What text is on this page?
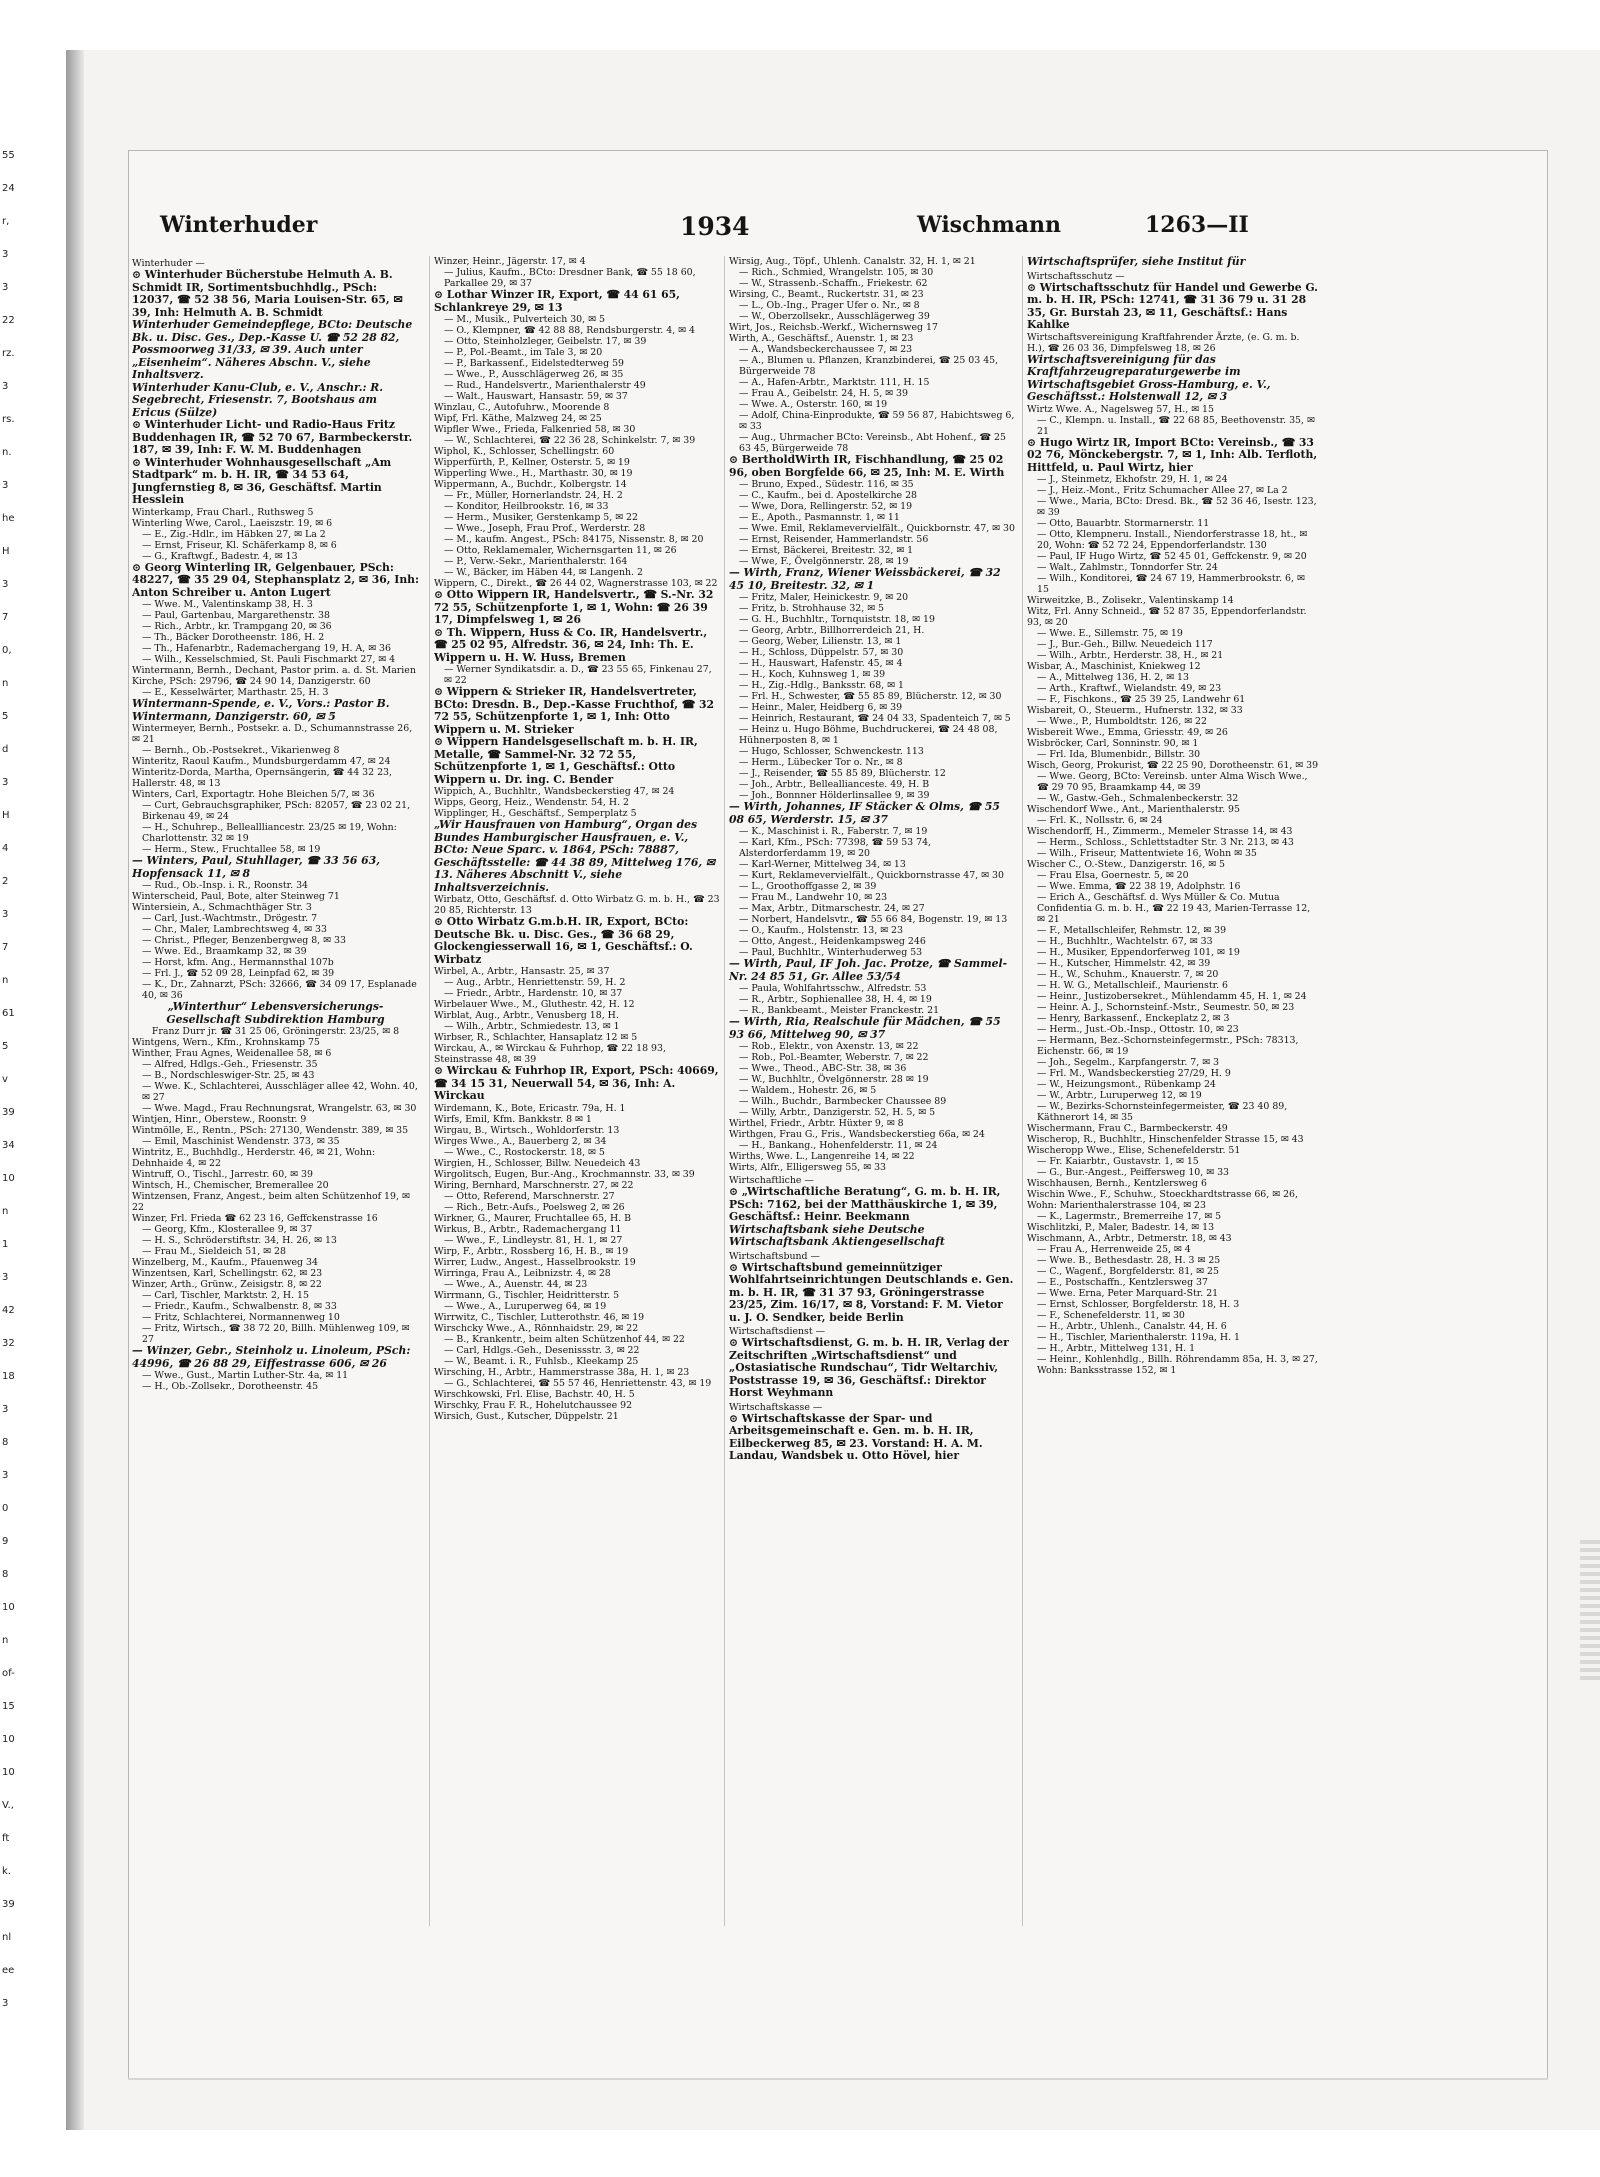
55
24
r,
3
3
22
rz.
3
rs.
n.
3
he
H
3
7
0,
n
5
d
3
H
4
2
3
7
n
61
5
v
39
34
10
n
1
3
42
32
18
3
8
3
0
9
8
10
n
of-
15
10
10
V.,
ft
k.
39
nl
ee
3
Winterhuder	1934	Wischmann	1263—II

Winterhuder —

⊙ Winterhuder Bücherstube Helmuth A. B. Schmidt IR, Sortimentsbuchhdlg., PSch: 12037, ☎ 52 38 56, Maria Louisen-Str. 65, ✉ 39, Inh: Helmuth A. B. Schmidt

Winterhuder Gemeindepflege, BCto: Deutsche Bk. u. Disc. Ges., Dep.-Kasse U. ☎ 52 28 82, Possmoorweg 31/33, ✉ 39. Auch unter „Eisenheim“. Näheres Abschn. V., siehe Inhaltsverz.

Winterhuder Kanu-Club, e. V., Anschr.: R. Segebrecht, Friesenstr. 7, Bootshaus am Ericus (Sülze)

⊙ Winterhuder Licht- und Radio-Haus Fritz Buddenhagen IR, ☎ 52 70 67, Barmbeckerstr. 187, ✉ 39, Inh: F. W. M. Buddenhagen

⊙ Winterhuder Wohnhausgesellschaft „Am Stadtpark“ m. b. H. IR, ☎ 34 53 64, Jungfernstieg 8, ✉ 36, Geschäftsf. Martin Hesslein

Winterkamp, Frau Charl., Ruthsweg 5

Winterling Wwe, Carol., Laeiszstr. 19, ✉ 6

— E., Zig.-Hdlr., im Häbken 27, ✉ La 2

— Ernst, Friseur, Kl. Schäferkamp 8, ✉ 6

— G., Kraftwgf., Badestr. 4, ✉ 13

⊙ Georg Winterling IR, Gelgenbauer, PSch: 48227, ☎ 35 29 04, Stephansplatz 2, ✉ 36, Inh: Anton Schreiber u. Anton Lugert

— Wwe. M., Valentinskamp 38, H. 3

— Paul, Gartenbau, Margarethenstr. 38

— Rich., Arbtr., kr. Trampgang 20, ✉ 36

— Th., Bäcker Dorotheenstr. 186, H. 2

— Th., Hafenarbtr., Rademachergang 19, H. A, ✉ 36

— Wilh., Kesselschmied, St. Pauli Fischmarkt 27, ✉ 4

Wintermann, Bernh., Dechant, Pastor prim. a. d. St. Marien Kirche, PSch: 29796, ☎ 24 90 14, Danzigerstr. 60

— E., Kesselwärter, Marthastr. 25, H. 3

Wintermann-Spende, e. V., Vors.: Pastor B. Wintermann, Danzigerstr. 60, ✉ 5

Wintermeyer, Bernh., Postsekr. a. D., Schumannstrasse 26, ✉ 21

— Bernh., Ob.-Postsekret., Vikarienweg 8

Winteritz, Raoul Kaufm., Mundsburgerdamm 47, ✉ 24

Winteritz-Dorda, Martha, Opernsängerin, ☎ 44 32 23, Hallerstr. 48, ✉ 13

Winters, Carl, Exportagtr. Hohe Bleichen 5/7, ✉ 36

— Curt, Gebrauchsgraphiker, PSch: 82057, ☎ 23 02 21, Birkenau 49, ✉ 24

— H., Schuhrep., Belleallliancestr. 23/25 ✉ 19, Wohn: Charlottenstr. 32 ✉ 19

— Herm., Stew., Fruchtallee 58, ✉ 19

— Winters, Paul, Stuhllager, ☎ 33 56 63, Hopfensack 11, ✉ 8

— Rud., Ob.-Insp. i. R., Roonstr. 34

Winterscheid, Paul, Bote, alter Steinweg 71

Wintersiein, A., Schmachthäger Str. 3

— Carl, Just.-Wachtmstr., Drögestr. 7

— Chr., Maler, Lambrechtsweg 4, ✉ 33

— Christ., Pfleger, Benzenbergweg 8, ✉ 33

— Wwe. Ed., Braamkamp 32, ✉ 39

— Horst, kfm. Ang., Hermannsthal 107b

— Frl. J., ☎ 52 09 28, Leinpfad 62, ✉ 39

— K., Dr., Zahnarzt, PSch: 32666, ☎ 34 09 17, Esplanade 40, ✉ 36

„Winterthur“ Lebensversicherungs-Gesellschaft Subdirektion Hamburg

Franz Durr jr. ☎ 31 25 06, Gröningerstr. 23/25, ✉ 8

Wintgens, Wern., Kfm., Krohnskamp 75

Winther, Frau Agnes, Weidenallee 58, ✉ 6

— Alfred, Hdlgs.-Geh., Friesenstr. 35

— B., Nordschleswiger-Str. 25, ✉ 43

— Wwe. K., Schlachterei, Ausschläger allee 42, Wohn. 40, ✉ 27

— Wwe. Magd., Frau Rechnungsrat, Wrangelstr. 63, ✉ 30

Wintjen, Hinr., Oberstew., Roonstr. 9

Wintmölle, E., Rentn., PSch: 27130, Wendenstr. 389, ✉ 35

— Emil, Maschinist Wendenstr. 373, ✉ 35

Wintritz, E., Buchhdlg., Herderstr. 46, ✉ 21, Wohn: Dehnhaide 4, ✉ 22

Wintruff, O., Tischl., Jarrestr. 60, ✉ 39

Wintsch, H., Chemischer, Bremerallee 20

Wintzensen, Franz, Angest., beim alten Schützenhof 19, ✉ 22

Winzer, Frl. Frieda ☎ 62 23 16, Geffckenstrasse 16

— Georg, Kfm., Klosterallee 9, ✉ 37

— H. S., Schröderstiftstr. 34, H. 26, ✉ 13

— Frau M., Sieldeich 51, ✉ 28

Winzelberg, M., Kaufm., Pfauenweg 34

Winzentsen, Karl, Schellingstr. 62, ✉ 23

Winzer, Arth., Grünw., Zeisigstr. 8, ✉ 22

— Carl, Tischler, Marktstr. 2, H. 15

— Friedr., Kaufm., Schwalbenstr. 8, ✉ 33

— Fritz, Schlachterei, Normannenweg 10

— Fritz, Wirtsch., ☎ 38 72 20, Billh. Mühlenweg 109, ✉ 27

— Winzer, Gebr., Steinholz u. Linoleum, PSch: 44996, ☎ 26 88 29, Eiffestrasse 606, ✉ 26

— Wwe., Gust., Martin Luther-Str. 4a, ✉ 11

— H., Ob.-Zollsekr., Dorotheenstr. 45

Winzer, Heinr., Jägerstr. 17, ✉ 4

— Julius, Kaufm., BCto: Dresdner Bank, ☎ 55 18 60, Parkallee 29, ✉ 37

⊙ Lothar Winzer IR, Export, ☎ 44 61 65, Schlankreye 29, ✉ 13

— M., Musik., Pulverteich 30, ✉ 5

— O., Klempner, ☎ 42 88 88, Rendsburgerstr. 4, ✉ 4

— Otto, Steinholzleger, Geibelstr. 17, ✉ 39

— P., Pol.-Beamt., im Tale 3, ✉ 20

— P., Barkassenf., Eidelstedterweg 59

— Wwe., P., Ausschlägerweg 26, ✉ 35

— Rud., Handelsvertr., Marienthalerstr 49

— Walt., Hauswart, Hansastr. 59, ✉ 37

Winzlau, C., Autofuhrw., Moorende 8

Wipf, Frl. Käthe, Malzweg 24, ✉ 25

Wipfler Wwe., Frieda, Falkenried 58, ✉ 30

— W., Schlachterei, ☎ 22 36 28, Schinkelstr. 7, ✉ 39

Wiphol, K., Schlosser, Schellingstr. 60

Wipperfürth, P., Kellner, Osterstr. 5, ✉ 19

Wipperling Wwe., H., Marthastr. 30, ✉ 19

Wippermann, A., Buchdr., Kolbergstr. 14

— Fr., Müller, Hornerlandstr. 24, H. 2

— Konditor, Heilbrookstr. 16, ✉ 33

— Herm., Musiker, Gerstenkamp 5, ✉ 22

— Wwe., Joseph, Frau Prof., Werderstr. 28

— M., kaufm. Angest., PSch: 84175, Nissenstr. 8, ✉ 20

— Otto, Reklamemaler, Wichernsgarten 11, ✉ 26

— P., Verw.-Sekr., Marienthalerstr. 164

— W., Bäcker, im Häben 44, ✉ Langenh. 2

Wippern, C., Direkt., ☎ 26 44 02, Wagnerstrasse 103, ✉ 22

⊙ Otto Wippern IR, Handelsvertr., ☎ S.-Nr. 32 72 55, Schützenpforte 1, ✉ 1, Wohn: ☎ 26 39 17, Dimpfelsweg 1, ✉ 26

⊙ Th. Wippern, Huss & Co. IR, Handelsvertr., ☎ 25 02 95, Alfredstr. 36, ✉ 24, Inh: Th. E. Wippern u. H. W. Huss, Bremen

— Werner Syndikatsdir. a. D., ☎ 23 55 65, Finkenau 27, ✉ 22

⊙ Wippern & Strieker IR, Handelsvertreter, BCto: Dresdn. B., Dep.-Kasse Fruchthof, ☎ 32 72 55, Schützenpforte 1, ✉ 1, Inh: Otto Wippern u. M. Strieker

⊙ Wippern Handelsgesellschaft m. b. H. IR, Metalle, ☎ Sammel-Nr. 32 72 55, Schützenpforte 1, ✉ 1, Geschäftsf.: Otto Wippern u. Dr. ing. C. Bender

Wippich, A., Buchhltr., Wandsbeckerstieg 47, ✉ 24

Wipps, Georg, Heiz., Wendenstr. 54, H. 2

Wipplinger, H., Geschäftsf., Semperplatz 5

„Wir Hausfrauen von Hamburg“, Organ des Bundes Hamburgischer Hausfrauen, e. V., BCto: Neue Sparc. v. 1864, PSch: 78887, Geschäftsstelle: ☎ 44 38 89, Mittelweg 176, ✉ 13. Näheres Abschnitt V., siehe Inhaltsverzeichnis.

Wirbatz, Otto, Geschäftsf. d. Otto Wirbatz G. m. b. H., ☎ 23 20 85, Richterstr. 13

⊙ Otto Wirbatz G.m.b.H. IR, Export, BCto: Deutsche Bk. u. Disc. Ges., ☎ 36 68 29, Glockengiesserwall 16, ✉ 1, Geschäftsf.: O. Wirbatz

Wirbel, A., Arbtr., Hansastr. 25, ✉ 37

— Aug., Arbtr., Henriettenstr. 59, H. 2

— Friedr., Arbtr., Hardenstr. 10, ✉ 37

Wirbelauer Wwe., M., Gluthestr. 42, H. 12

Wirblat, Aug., Arbtr., Venusberg 18, H.

— Wilh., Arbtr., Schmiedestr. 13, ✉ 1

Wirbser, R., Schlachter, Hansaplatz 12 ✉ 5

Wirckau, A., ✉ Wirckau & Fuhrhop, ☎ 22 18 93, Steinstrasse 48, ✉ 39

⊙ Wirckau & Fuhrhop IR, Export, PSch: 40669, ☎ 34 15 31, Neuerwall 54, ✉ 36, Inh: A. Wirckau

Wirdemann, K., Bote, Ericastr. 79a, H. 1

Wirfs, Emil, Kfm. Bankkstr. 8 ✉ 1

Wirgau, B., Wirtsch., Wohldorferstr. 13

Wirges Wwe., A., Bauerberg 2, ✉ 34

— Wwe., C., Rostockerstr. 18, ✉ 5

Wirgien, H., Schlosser, Billw. Neuedeich 43

Wirgolitsch, Eugen, Bur.-Ang., Krochmannstr. 33, ✉ 39

Wiring, Bernhard, Marschnerstr. 27, ✉ 22

— Otto, Referend, Marschnerstr. 27

— Rich., Betr.-Aufs., Poelsweg 2, ✉ 26

Wirkner, G., Maurer, Fruchtallee 65, H. B

Wirkus, B., Arbtr., Rademachergang 11

— Wwe., F., Lindleystr. 81, H. 1, ✉ 27

Wirp, F., Arbtr., Rossberg 16, H. B., ✉ 19

Wirrer, Ludw., Angest., Hasselbrookstr. 19

Wirringa, Frau A., Leibnizstr. 4, ✉ 28

— Wwe., A., Auenstr. 44, ✉ 23

Wirrmann, G., Tischler, Heidritterstr. 5

— Wwe., A., Luruperweg 64, ✉ 19

Wirrwitz, C., Tischler, Lutterothstr. 46, ✉ 19

Wirschcky Wwe., A., Rönnhaidstr. 29, ✉ 22

— B., Krankentr., beim alten Schützenhof 44, ✉ 22

— Carl, Hdlgs.-Geh., Desenissstr. 3, ✉ 22

— W., Beamt. i. R., Fuhlsb., Kleekamp 25

Wirsching, H., Arbtr., Hammerstrasse 38a, H. 1, ✉ 23

— G., Schlachterei, ☎ 55 57 46, Henriettenstr. 43, ✉ 19

Wirschkowski, Frl. Elise, Bachstr. 40, H. 5

Wirschky, Frau F. R., Hohelutchaussee 92

Wirsich, Gust., Kutscher, Düppelstr. 21

Wirsig, Aug., Töpf., Uhlenh. Canalstr. 32, H. 1, ✉ 21

— Rich., Schmied, Wrangelstr. 105, ✉ 30

— W., Strassenb.-Schaffn., Friekestr. 62

Wirsing, C., Beamt., Ruckertstr. 31, ✉ 23

— L., Ob.-Ing., Prager Ufer o. Nr., ✉ 8

— W., Oberzollsekr., Ausschlägerweg 39

Wirt, Jos., Reichsb.-Werkf., Wichernsweg 17

Wirth, A., Geschäftsf., Auenstr. 1, ✉ 23

— A., Wandsbeckerchaussee 7, ✉ 23

— A., Blumen u. Pflanzen, Kranzbinderei, ☎ 25 03 45, Bürgerweide 78

— A., Hafen-Arbtr., Marktstr. 111, H. 15

— Frau A., Geibelstr. 24, H. 5, ✉ 39

— Wwe. A., Osterstr. 160, ✉ 19

— Adolf, China-Einprodukte, ☎ 59 56 87, Habichtsweg 6, ✉ 33

— Aug., Uhrmacher BCto: Vereinsb., Abt Hohenf., ☎ 25 63 45, Bürgerweide 78

⊙ BertholdWirth IR, Fischhandlung, ☎ 25 02 96, oben Borgfelde 66, ✉ 25, Inh: M. E. Wirth

— Bruno, Exped., Südestr. 116, ✉ 35

— C., Kaufm., bei d. Apostelkirche 28

— Wwe, Dora, Rellingerstr. 52, ✉ 19

— E., Apoth., Pasmannstr. 1, ✉ 11

— Wwe. Emil, Reklamevervielfält., Quickbornstr. 47, ✉ 30

— Ernst, Reisender, Hammerlandstr. 56

— Ernst, Bäckerei, Breitestr. 32, ✉ 1

— Wwe, F., Övelgönnerstr. 28, ✉ 19

— Wirth, Franz, Wiener Weissbäckerei, ☎ 32 45 10, Breitestr. 32, ✉ 1

— Fritz, Maler, Heinickestr. 9, ✉ 20

— Fritz, b. Strohhause 32, ✉ 5

— G. H., Buchhltr., Tornquiststr. 18, ✉ 19

— Georg, Arbtr., Billhorrerdeich 21, H.

— Georg, Weber, Lilienstr. 13, ✉ 1

— H., Schloss, Düppelstr. 57, ✉ 30

— H., Hauswart, Hafenstr. 45, ✉ 4

— H., Koch, Kuhnsweg 1, ✉ 39

— H., Zig.-Hdlg., Banksstr. 68, ✉ 1

— Frl. H., Schwester, ☎ 55 85 89, Blücherstr. 12, ✉ 30

— Heinr., Maler, Heidberg 6, ✉ 39

— Heinrich, Restaurant, ☎ 24 04 33, Spadenteich 7, ✉ 5

— Heinz u. Hugo Böhme, Buchdruckerei, ☎ 24 48 08, Hühnerposten 8, ✉ 1

— Hugo, Schlosser, Schwenckestr. 113

— Herm., Lübecker Tor o. Nr., ✉ 8

— J., Reisender, ☎ 55 85 89, Blücherstr. 12

— Joh., Arbtr., Belleallianceste. 49, H. B

— Joh., Bonnner Hölderlinsallee 9, ✉ 39

— Wirth, Johannes, IF Stäcker & Olms, ☎ 55 08 65, Werderstr. 15, ✉ 37

— K., Maschinist i. R., Faberstr. 7, ✉ 19

— Karl, Kfm., PSch: 77398, ☎ 59 53 74, Alsterdorferdamm 19, ✉ 20

— Karl-Werner, Mittelweg 34, ✉ 13

— Kurt, Reklamevervielfält., Quickbornstrasse 47, ✉ 30

— L., Groothoffgasse 2, ✉ 39

— Frau M., Landwehr 10, ✉ 23

— Max, Arbtr., Ditmarschestr. 24, ✉ 27

— Norbert, Handelsvtr., ☎ 55 66 84, Bogenstr. 19, ✉ 13

— O., Kaufm., Holstenstr. 13, ✉ 23

— Otto, Angest., Heidenkampsweg 246

— Paul, Buchhltr., Winterhuderweg 53

— Wirth, Paul, IF Joh. Jac. Protze, ☎ Sammel-Nr. 24 85 51, Gr. Allee 53/54

— Paula, Wohlfahrtsschw., Alfredstr. 53

— R., Arbtr., Sophienallee 38, H. 4, ✉ 19

— R., Bankbeamt., Meister Franckestr. 21

— Wirth, Ria, Realschule für Mädchen, ☎ 55 93 66, Mittelweg 90, ✉ 37

— Rob., Elektr., von Axenstr. 13, ✉ 22

— Rob., Pol.-Beamter, Weberstr. 7, ✉ 22

— Wwe., Theod., ABC-Str. 38, ✉ 36

— W., Buchhltr., Övelgönnerstr. 28 ✉ 19

— Waldem., Hohestr. 26, ✉ 5

— Wilh., Buchdr., Barmbecker Chaussee 89

— Willy, Arbtr., Danzigerstr. 52, H. 5, ✉ 5

Wirthel, Friedr., Arbtr. Hüxter 9, ✉ 8

Wirthgen, Frau G., Fris., Wandsbeckerstieg 66a, ✉ 24

— H., Bankang., Hohenfelderstr. 11, ✉ 24

Wirths, Wwe. L., Langenreihe 14, ✉ 22

Wirts, Alfr., Elligersweg 55, ✉ 33

Wirtschaftliche —

⊙ „Wirtschaftliche Beratung“, G. m. b. H. IR, PSch: 7162, bei der Matthäuskirche 1, ✉ 39, Geschäftsf.: Heinr. Beekmann

Wirtschaftsbank siehe Deutsche Wirtschaftsbank Aktiengesellschaft

Wirtschaftsbund —

⊙ Wirtschaftsbund gemeinnütziger Wohlfahrtseinrichtungen Deutschlands e. Gen. m. b. H. IR, ☎ 31 37 93, Gröningerstrasse 23/25, Zim. 16/17, ✉ 8, Vorstand: F. M. Vietor u. J. O. Sendker, beide Berlin

Wirtschaftsdienst —

⊙ Wirtschaftsdienst, G. m. b. H. IR, Verlag der Zeitschriften „Wirtschaftsdienst“ und „Ostasiatische Rundschau“, Tidr Weltarchiv, Poststrasse 19, ✉ 36, Geschäftsf.: Direktor Horst Weyhmann

Wirtschaftskasse —

⊙ Wirtschaftskasse der Spar- und Arbeitsgemeinschaft e. Gen. m. b. H. IR, Eilbeckerweg 85, ✉ 23. Vorstand: H. A. M. Landau, Wandsbek u. Otto Hövel, hier

Wirtschaftsprüfer, siehe Institut für

Wirtschaftsschutz —

⊙ Wirtschaftsschutz für Handel und Gewerbe G. m. b. H. IR, PSch: 12741, ☎ 31 36 79 u. 31 28 35, Gr. Burstah 23, ✉ 11, Geschäftsf.: Hans Kahlke

Wirtschaftsvereinigung Kraftfahrender Ärzte, (e. G. m. b. H.), ☎ 26 03 36, Dimpfelsweg 18, ✉ 26

Wirtschaftsvereinigung für das Kraftfahrzeugreparaturgewerbe im Wirtschaftsgebiet Gross-Hamburg, e. V., Geschäftsst.: Holstenwall 12, ✉ 3

Wirtz Wwe. A., Nagelsweg 57, H., ✉ 15

— C., Klempn. u. Install., ☎ 22 68 85, Beethovenstr. 35, ✉ 21

⊙ Hugo Wirtz IR, Import BCto: Vereinsb., ☎ 33 02 76, Mönckebergstr. 7, ✉ 1, Inh: Alb. Terfloth, Hittfeld, u. Paul Wirtz, hier

— J., Steinmetz, Ekhofstr. 29, H. 1, ✉ 24

— J., Heiz.-Mont., Fritz Schumacher Allee 27, ✉ La 2

— Wwe., Maria, BCto: Dresd. Bk., ☎ 52 36 46, Isestr. 123, ✉ 39

— Otto, Bauarbtr. Stormarnerstr. 11

— Otto, Klempneru. Install., Niendorferstrasse 18, ht., ✉ 20, Wohn: ☎ 52 72 24, Eppendorferlandstr. 130

— Paul, IF Hugo Wirtz, ☎ 52 45 01, Geffckenstr. 9, ✉ 20

— Walt., Zahlmstr., Tonndorfer Str. 24

— Wilh., Konditorei, ☎ 24 67 19, Hammerbrookstr. 6, ✉ 15

Wirweitzke, B., Zolisekr., Valentinskamp 14

Witz, Frl. Anny Schneid., ☎ 52 87 35, Eppendorferlandstr. 93, ✉ 20

— Wwe. E., Sillemstr. 75, ✉ 19

— J., Bur.-Geh., Billw. Neuedeich 117

— Wilh., Arbtr., Herderstr. 38, H., ✉ 21

Wisbar, A., Maschinist, Kniekweg 12

— A., Mittelweg 136, H. 2, ✉ 13

— Arth., Kraftwf., Wielandstr. 49, ✉ 23

— F., Fischkons., ☎ 25 39 25, Landwehr 61

Wisbareit, O., Steuerm., Hufnerstr. 132, ✉ 33

— Wwe., P., Humboldtstr. 126, ✉ 22

Wisbereit Wwe., Emma, Griesstr. 49, ✉ 26

Wisbröcker, Carl, Sonninstr. 90, ✉ 1

— Frl. Ida, Blumenbidr., Billstr. 30

Wisch, Georg, Prokurist, ☎ 22 25 90, Dorotheenstr. 61, ✉ 39

— Wwe. Georg, BCto: Vereinsb. unter Alma Wisch Wwe., ☎ 29 70 95, Braamkamp 44, ✉ 39

— W., Gastw.-Geh., Schmalenbeckerstr. 32

Wischendorf Wwe., Ant., Marienthalerstr. 95

— Frl. K., Nollsstr. 6, ✉ 24

Wischendorff, H., Zimmerm., Memeler Strasse 14, ✉ 43

— Herm., Schloss., Schlettstadter Str. 3 Nr. 213, ✉ 43

— Wilh., Friseur, Mattentwiete 16, Wohn ✉ 35

Wischer C., O.-Stew., Danzigerstr. 16, ✉ 5

— Frau Elsa, Goernestr. 5, ✉ 20

— Wwe. Emma, ☎ 22 38 19, Adolphstr. 16

— Erich A., Geschäftsf. d. Wys Müller & Co. Mutua Confidentia G. m. b. H., ☎ 22 19 43, Marien-Terrasse 12, ✉ 21

— F., Metallschleifer, Rehmstr. 12, ✉ 39

— H., Buchhltr., Wachtelstr. 67, ✉ 33

— H., Musiker, Eppendorferweg 101, ✉ 19

— H., Kutscher, Himmelstr. 42, ✉ 39

— H., W., Schuhm., Knauerstr. 7, ✉ 20

— H. W. G., Metallschleif., Maurienstr. 6

— Heinr., Justizobersekret., Mühlendamm 45, H. 1, ✉ 24

— Heinr. A. J., Schornsteinf.-Mstr., Seumestr. 50, ✉ 23

— Henry, Barkassenf., Enckeplatz 2, ✉ 3

— Herm., Just.-Ob.-Insp., Ottostr. 10, ✉ 23

— Hermann, Bez.-Schornsteinfegermstr., PSch: 78313, Eichenstr. 66, ✉ 19

— Joh., Segelm., Karpfangerstr. 7, ✉ 3

— Frl. M., Wandsbeckerstieg 27/29, H. 9

— W., Heizungsmont., Rübenkamp 24

— W., Arbtr., Luruperweg 12, ✉ 19

— W., Bezirks-Schornsteinfegermeister, ☎ 23 40 89, Käthnerort 14, ✉ 35

Wischermann, Frau C., Barmbeckerstr. 49

Wischerop, R., Buchhltr., Hinschenfelder Strasse 15, ✉ 43

Wischeropp Wwe., Elise, Schenefelderstr. 51

— Fr. Kaiarbtr., Gustavstr. 1, ✉ 15

— G., Bur.-Angest., Peiffersweg 10, ✉ 33

Wischhausen, Bernh., Kentzlersweg 6

Wischin Wwe., F., Schuhw., Stoeckhardtstrasse 66, ✉ 26, Wohn: Marienthalerstrasse 104, ✉ 23

— K., Lagermstr., Bremerreihe 17, ✉ 5

Wischlitzki, P., Maler, Badestr. 14, ✉ 13

Wischmann, A., Arbtr., Detmerstr. 18, ✉ 43

— Frau A., Herrenweide 25, ✉ 4

— Wwe. B., Bethesdastr. 28, H. 3 ✉ 25

— C., Wagenf., Borgfelderstr. 81, ✉ 25

— E., Postschaffn., Kentzlersweg 37

— Wwe. Erna, Peter Marquard-Str. 21

— Ernst, Schlosser, Borgfelderstr. 18, H. 3

— F., Schenefelderstr. 11, ✉ 30

— H., Arbtr., Uhlenh., Canalstr. 44, H. 6

— H., Tischler, Marienthalerstr. 119a, H. 1

— H., Arbtr., Mittelweg 131, H. 1

— Heinr., Kohlenhdlg., Billh. Röhrendamm 85a, H. 3, ✉ 27, Wohn: Banksstrasse 152, ✉ 1
